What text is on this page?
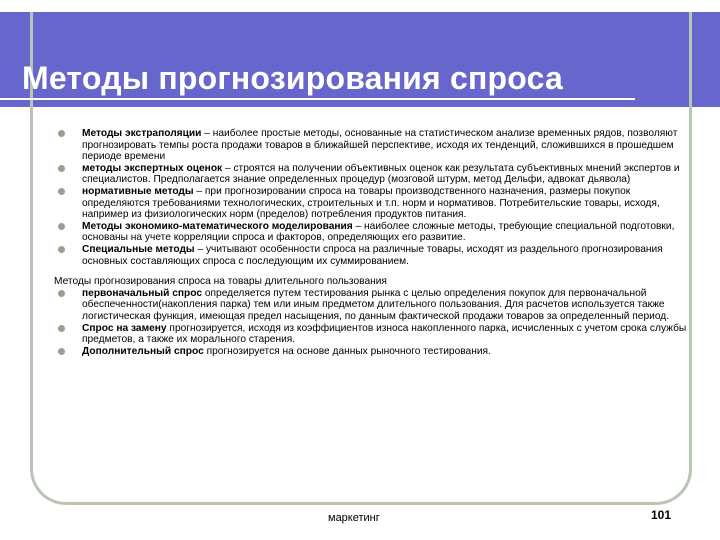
Методы прогнозирования спроса
Методы экстраполяции – наиболее простые методы, основанные на статистическом анализе временных рядов, позволяют прогнозировать темпы роста продажи товаров в ближайшей перспективе, исходя их тенденций, сложившихся в прошедшем периоде времени
методы экспертных оценок – строятся на получении объективных оценок как результата субъективных мнений экспертов и специалистов. Предполагается знание определенных процедур (мозговой штурм, метод Дельфи, адвокат дьявола)
нормативные методы – при прогнозировании спроса на товары производственного назначения, размеры покупок определяются требованиями технологических, строительных и т.п. норм и нормативов. Потребительские товары, исходя, например из физиологических норм (пределов) потребления продуктов питания.
Методы экономико-математического моделирования – наиболее сложные методы, требующие специальной подготовки, основаны на учете корреляции спроса и факторов, определяющих его развитие.
Специальные методы – учитывают особенности спроса на различные товары, исходят из раздельного прогнозирования основных составляющих спроса с последующим их суммированием.
Методы прогнозирования спроса на товары длительного пользования
первоначальный спрос определяется путем тестирования рынка с целью определения покупок для первоначальной обеспеченности(накопления парка) тем или иным предметом длительного пользования. Для расчетов используется также логистическая функция, имеющая предел насыщения, по данным фактической продажи товаров за определенный период.
Спрос на замену прогнозируется, исходя из коэффициентов износа накопленного парка, исчисленных с учетом срока службы предметов, а также их морального старения.
Дополнительный спрос прогнозируется на основе данных рыночного тестирования.
маркетинг	101
